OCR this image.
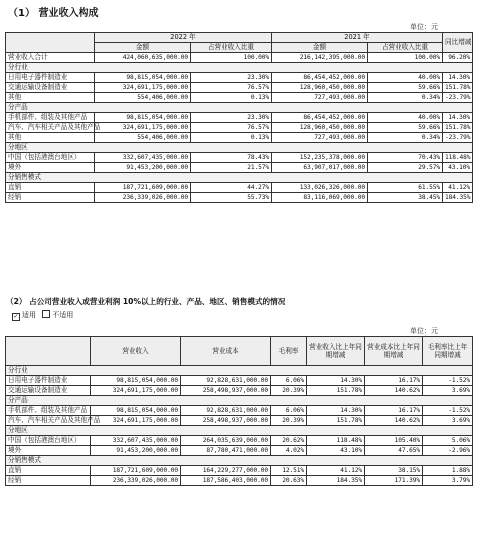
（1） 营业收入构成
单位：元
	2022 年		2021 年		同比增减
	金额	占营业收入比重	金额	占营业收入比重	
营业收入合计	424,060,635,000.00	100.00%	216,142,395,000.00	100.00%	96.20%
分行业					
日用电子器件制造业	98,815,054,000.00	23.30%	86,454,452,000.00	40.00%	14.30%
交通运输设备制造业	324,691,175,000.00	76.57%	128,960,450,000.00	59.66%	151.78%
其他	554,406,000.00	0.13%	727,493,000.00	0.34%	-23.79%
分产品					
手机部件、组装及其他产品	98,815,054,000.00	23.30%	86,454,452,000.00	40.00%	14.30%
汽车、汽车相关产品及其他产品	324,691,175,000.00	76.57%	128,960,450,000.00	59.66%	151.78%
其他	554,406,000.00	0.13%	727,493,000.00	0.34%	-23.79%
分地区					
中国（包括港澳台地区）	332,607,435,000.00	78.43%	152,235,378,000.00	70.43%	118.48%
境外	91,453,200,000.00	21.57%	63,907,017,000.00	29.57%	43.10%
分销售模式					
直销	187,721,609,000.00	44.27%	133,026,326,000.00	61.55%	41.12%
经销	236,339,026,000.00	55.73%	83,116,069,000.00	38.45%	184.35%
（2） 占公司营业收入或营业利润 10%以上的行业、产品、地区、销售模式的情况
✓ 适用 不适用
单位：元
	营业收入	营业成本	毛利率	营业收入比上年同期增减	营业成本比上年同期增减	毛利率比上年同期增减
分行业						
日用电子器件制造业	98,815,054,000.00	92,828,631,000.00	6.06%	14.30%	16.17%	-1.52%
交通运输设备制造业	324,691,175,000.00	258,498,937,000.00	20.39%	151.78%	140.62%	3.69%
分产品						
手机部件、组装及其他产品	98,815,054,000.00	92,828,631,000.00	6.06%	14.30%	16.17%	-1.52%
汽车、汽车相关产品及其他产品	324,691,175,000.00	258,498,937,000.00	20.39%	151.78%	140.62%	3.69%
分地区						
中国（包括港澳台地区）	332,607,435,000.00	264,035,639,000.00	20.62%	118.48%	105.40%	5.06%
境外	91,453,200,000.00	87,780,471,000.00	4.02%	43.10%	47.65%	-2.96%
分销售模式						
直销	187,721,609,000.00	164,229,277,000.00	12.51%	41.12%	38.15%	1.88%
经销	236,339,026,000.00	187,586,403,000.00	20.63%	184.35%	171.39%	3.79%
